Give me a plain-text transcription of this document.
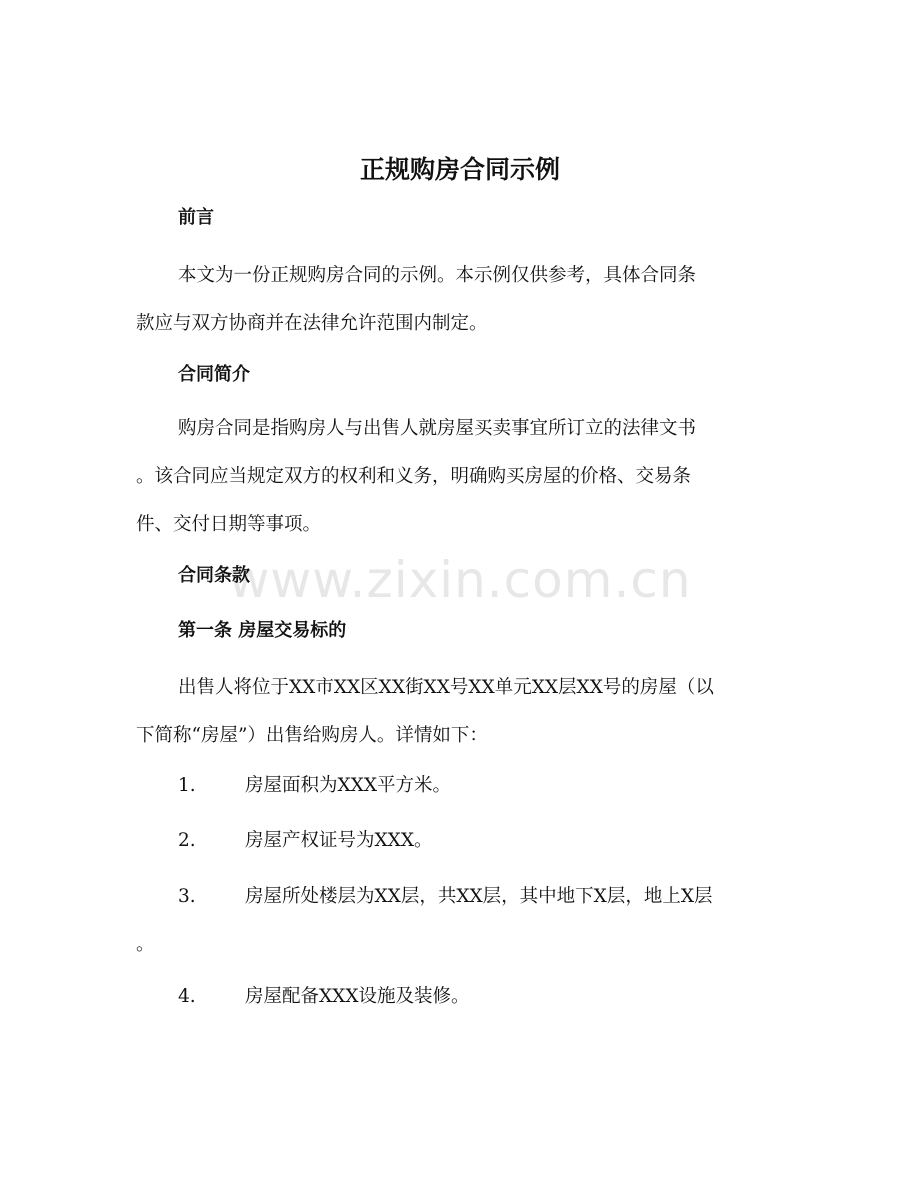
正规购房合同示例
前言

本文为一份正规购房合同的示例。本示例仅供参考，具体合同条
款应与双方协商并在法律允许范围内制定。

合同简介

购房合同是指购房人与出售人就房屋买卖事宜所订立的法律文书
。该合同应当规定双方的权利和义务，明确购买房屋的价格、交易条
件、交付日期等事项。

www.zixin.com.cn
合同条款
第一条 房屋交易标的

出售人将位于XX市XX区XX街XX号XX单元XX层XX号的房屋（以
下简称“房屋”）出售给购房人。详情如下：

1.	房屋面积为XXX平方米。
2.	房屋产权证号为XXX。
3.	房屋所处楼层为XX层，共XX层，其中地下X层，地上X层
。
4.	房屋配备XXX设施及装修。
